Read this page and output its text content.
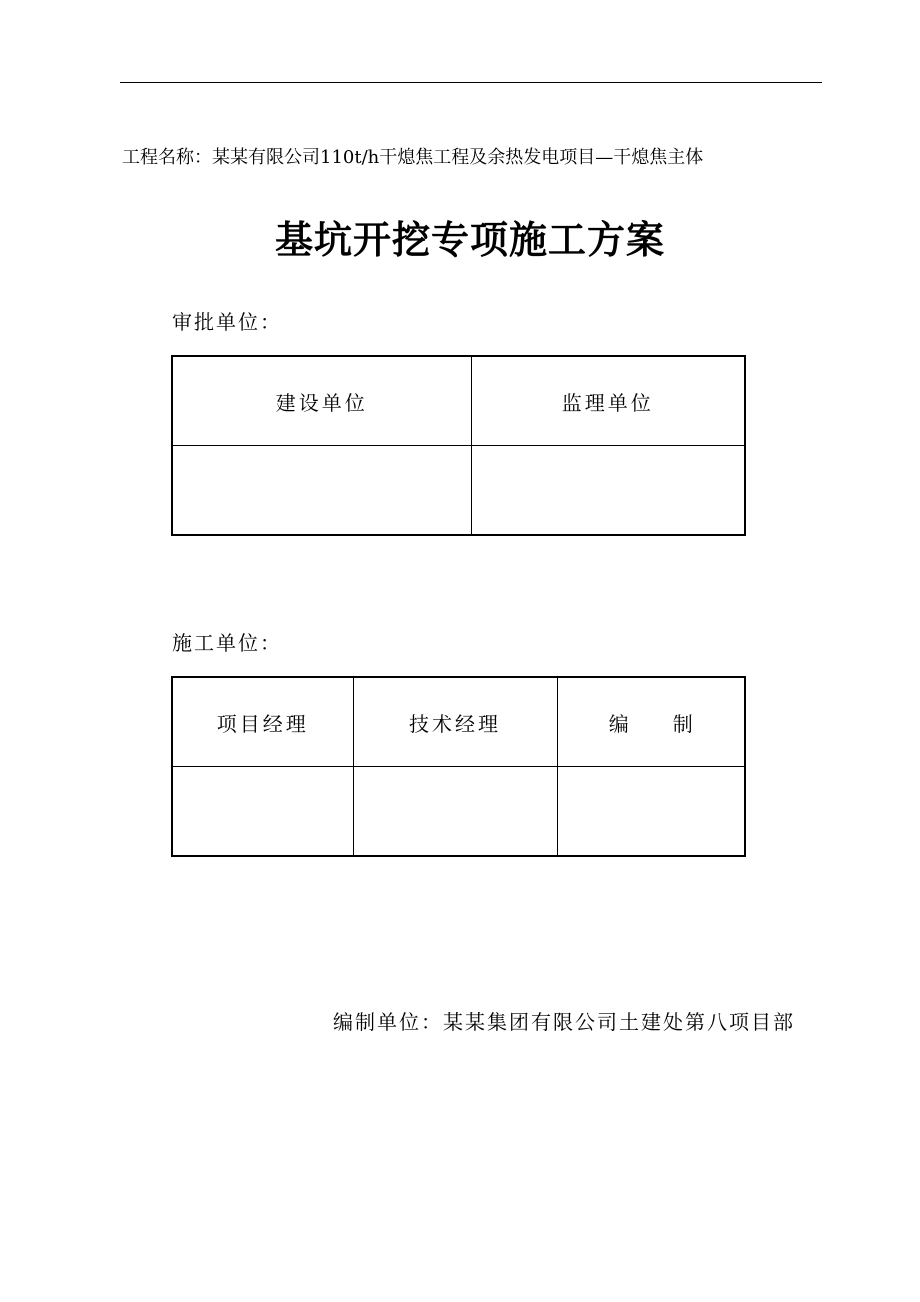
工程名称：某某有限公司110t/h干熄焦工程及余热发电项目—干熄焦主体
基坑开挖专项施工方案
审批单位：
建设单位	监理单位

施工单位：
项目经理	技术经理	编 制

编制单位：某某集团有限公司土建处第八项目部
